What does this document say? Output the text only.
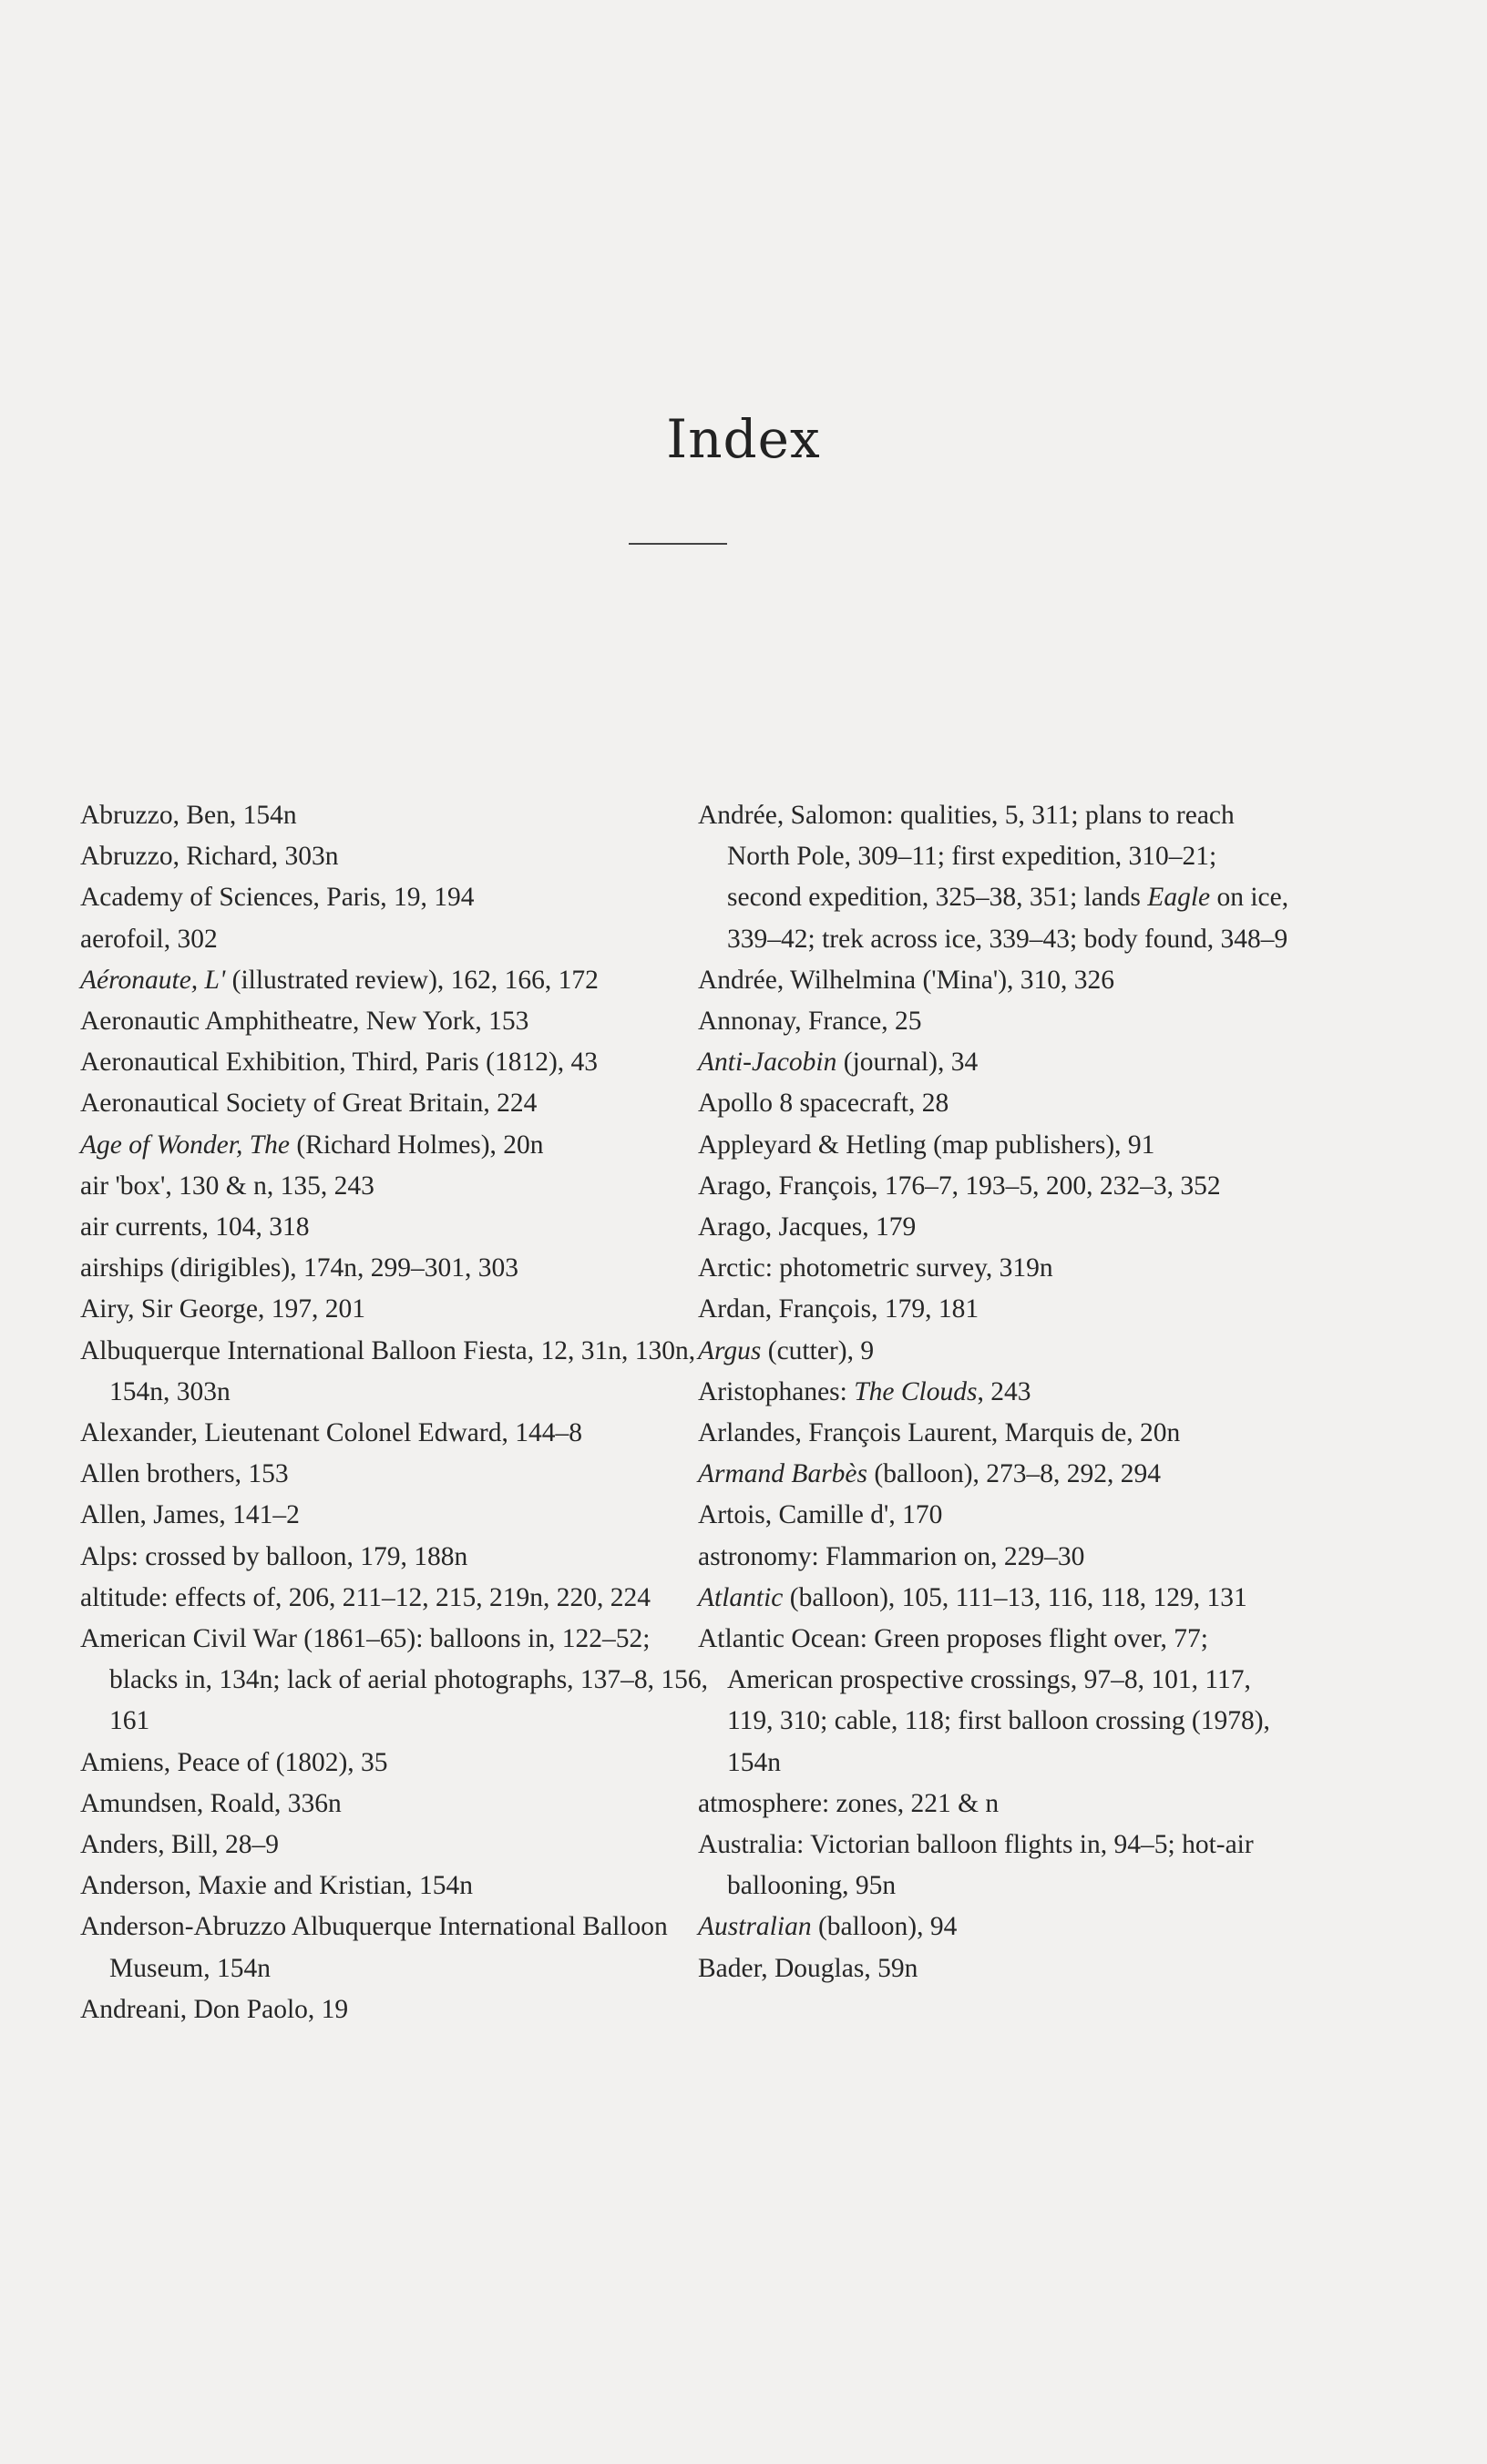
Index
Abruzzo, Ben, 154n
Abruzzo, Richard, 303n
Academy of Sciences, Paris, 19, 194
aerofoil, 302
Aéronaute, L' (illustrated review), 162, 166, 172
Aeronautic Amphitheatre, New York, 153
Aeronautical Exhibition, Third, Paris (1812), 43
Aeronautical Society of Great Britain, 224
Age of Wonder, The (Richard Holmes), 20n
air 'box', 130 & n, 135, 243
air currents, 104, 318
airships (dirigibles), 174n, 299–301, 303
Airy, Sir George, 197, 201
Albuquerque International Balloon Fiesta, 12, 31n, 130n, 154n, 303n
Alexander, Lieutenant Colonel Edward, 144–8
Allen brothers, 153
Allen, James, 141–2
Alps: crossed by balloon, 179, 188n
altitude: effects of, 206, 211–12, 215, 219n, 220, 224
American Civil War (1861–65): balloons in, 122–52; blacks in, 134n; lack of aerial photographs, 137–8, 156, 161
Amiens, Peace of (1802), 35
Amundsen, Roald, 336n
Anders, Bill, 28–9
Anderson, Maxie and Kristian, 154n
Anderson-Abruzzo Albuquerque International Balloon Museum, 154n
Andreani, Don Paolo, 19
Andrée, Salomon: qualities, 5, 311; plans to reach North Pole, 309–11; first expedition, 310–21; second expedition, 325–38, 351; lands Eagle on ice, 339–42; trek across ice, 339–43; body found, 348–9
Andrée, Wilhelmina ('Mina'), 310, 326
Annonay, France, 25
Anti-Jacobin (journal), 34
Apollo 8 spacecraft, 28
Appleyard & Hetling (map publishers), 91
Arago, François, 176–7, 193–5, 200, 232–3, 352
Arago, Jacques, 179
Arctic: photometric survey, 319n
Ardan, François, 179, 181
Argus (cutter), 9
Aristophanes: The Clouds, 243
Arlandes, François Laurent, Marquis de, 20n
Armand Barbès (balloon), 273–8, 292, 294
Artois, Camille d', 170
astronomy: Flammarion on, 229–30
Atlantic (balloon), 105, 111–13, 116, 118, 129, 131
Atlantic Ocean: Green proposes flight over, 77; American prospective crossings, 97–8, 101, 117, 119, 310; cable, 118; first balloon crossing (1978), 154n
atmosphere: zones, 221 & n
Australia: Victorian balloon flights in, 94–5; hot-air ballooning, 95n
Australian (balloon), 94
Bader, Douglas, 59n
